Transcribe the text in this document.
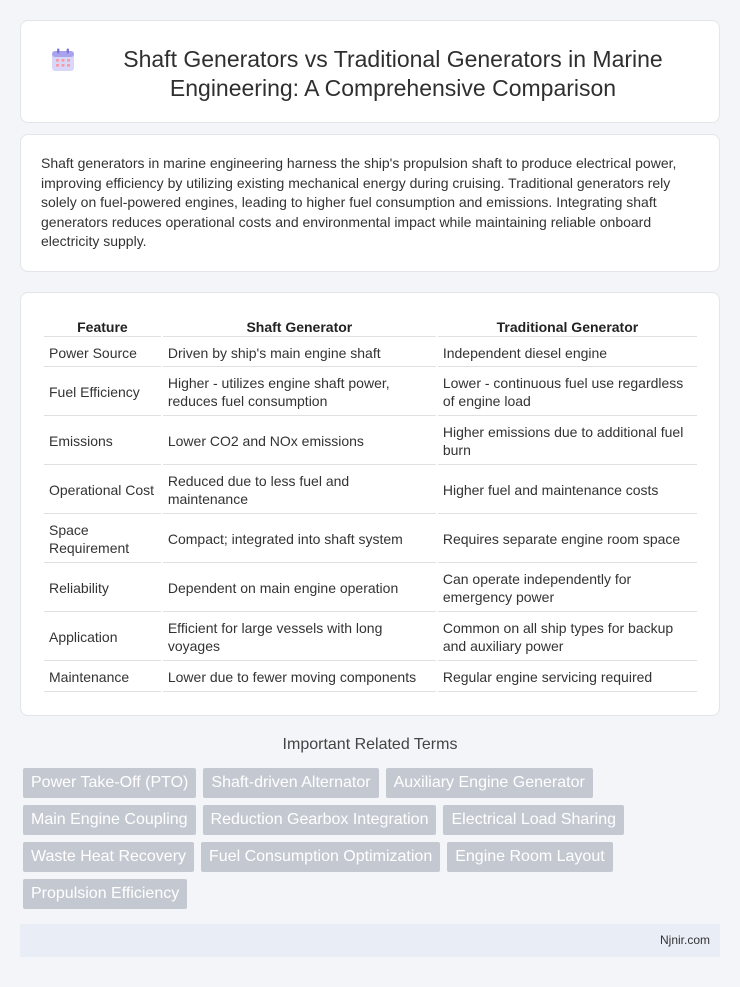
Shaft Generators vs Traditional Generators in Marine Engineering: A Comprehensive Comparison

Shaft generators in marine engineering harness the ship's propulsion shaft to produce electrical power, improving efficiency by utilizing existing mechanical energy during cruising. Traditional generators rely solely on fuel-powered engines, leading to higher fuel consumption and emissions. Integrating shaft generators reduces operational costs and environmental impact while maintaining reliable onboard electricity supply.

Feature	Shaft Generator	Traditional Generator
Power Source	Driven by ship's main engine shaft	Independent diesel engine
Fuel Efficiency	Higher - utilizes engine shaft power, reduces fuel consumption	Lower - continuous fuel use regardless of engine load
Emissions	Lower CO2 and NOx emissions	Higher emissions due to additional fuel burn
Operational Cost	Reduced due to less fuel and maintenance	Higher fuel and maintenance costs
Space Requirement	Compact; integrated into shaft system	Requires separate engine room space
Reliability	Dependent on main engine operation	Can operate independently for emergency power
Application	Efficient for large vessels with long voyages	Common on all ship types for backup and auxiliary power
Maintenance	Lower due to fewer moving components	Regular engine servicing required
Important Related Terms
Power Take-Off (PTO)	Shaft-driven Alternator	Auxiliary Engine Generator
Main Engine Coupling	Reduction Gearbox Integration	Electrical Load Sharing
Waste Heat Recovery	Fuel Consumption Optimization	Engine Room Layout
Propulsion Efficiency
Njnir.com
